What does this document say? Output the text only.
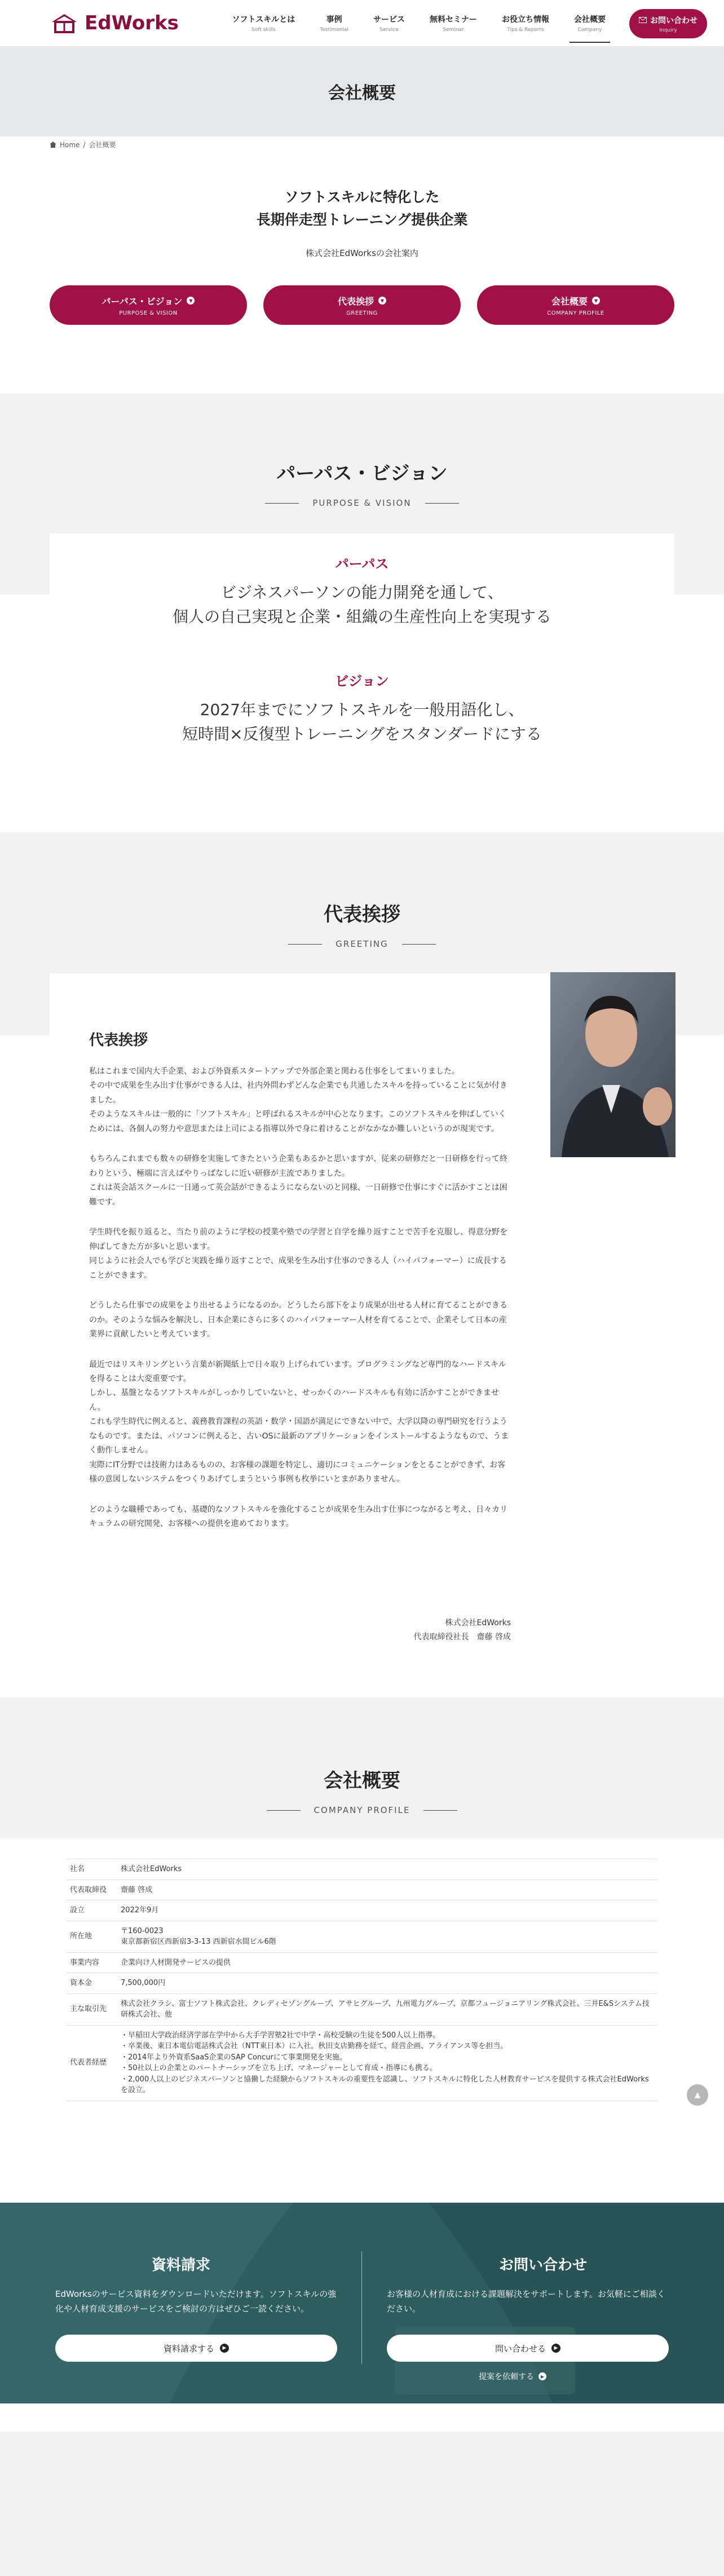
EdWorks	ソフトスキルとは
Soft skills
事例
Testimonial
サービス
Service
無料セミナー
Seminar
お役立ち情報
Tips & Reports
会社概要
Company
お問い合わせ
Inquiry
会社概要
Home / 会社概要
ソフトスキルに特化した
長期伴走型トレーニング提供企業
株式会社EdWorksの会社案内
パーパス・ビジョン	▼
PURPOSE & VISION
代表挨拶	▼
GREETING
会社概要	▼
COMPANY PROFILE
パーパス・ビジョン
PURPOSE & VISION
パーパス
ビジネスパーソンの能力開発を通して、
個人の自己実現と企業・組織の生産性向上を実現する
ビジョン
2027年までにソフトスキルを一般用語化し、
短時間×反復型トレーニングをスタンダードにする
代表挨拶
GREETING
代表挨拶

私はこれまで国内大手企業、および外資系スタートアップで外部企業と関わる仕事をしてまいりました。
その中で成果を生み出す仕事ができる人は、社内外問わずどんな企業でも共通したスキルを持っていることに気が付きました。
そのようなスキルは一般的に「ソフトスキル」と呼ばれるスキルが中心となります。このソフトスキルを伸ばしていくためには、各個人の努力や意思または上司による指導以外で身に着けることがなかなか難しいというのが現実です。

もちろんこれまでも数々の研修を実施してきたという企業もあるかと思いますが、従来の研修だと一日研修を行って終わりという、極端に言えばやりっぱなしに近い研修が主流でありました。
これは英会話スクールに一日通って英会話ができるようにならないのと同様、一日研修で仕事にすぐに活かすことは困難です。

学生時代を振り返ると、当たり前のように学校の授業や塾での学習と自学を繰り返すことで苦手を克服し、得意分野を伸ばしてきた方が多いと思います。
同じように社会人でも学びと実践を繰り返すことで、成果を生み出す仕事のできる人（ハイパフォーマー）に成長することができます。

どうしたら仕事での成果をより出せるようになるのか。どうしたら部下をより成果が出せる人材に育てることができるのか。そのような悩みを解決し、日本企業にさらに多くのハイパフォーマー人材を育てることで、企業そして日本の産業界に貢献したいと考えています。

最近ではリスキリングという言葉が新聞紙上で日々取り上げられています。プログラミングなど専門的なハードスキルを得ることは大変重要です。
しかし、基盤となるソフトスキルがしっかりしていないと、せっかくのハードスキルも有効に活かすことができません。
これも学生時代に例えると、義務教育課程の英語・数学・国語が満足にできない中で、大学以降の専門研究を行うようなものです。または、パソコンに例えると、古いOSに最新のアプリケーションをインストールするようなもので、うまく動作しません。
実際にIT分野では技術力はあるものの、お客様の課題を特定し、適切にコミュニケーションをとることができず、お客様の意図しないシステムをつくりあげてしまうという事例も枚挙にいとまがありません。

どのような職種であっても、基礎的なソフトスキルを強化することが成果を生み出す仕事につながると考え、日々カリキュラムの研究開発、お客様への提供を進めております。

株式会社EdWorks
代表取締役社長　齋藤 啓成
会社概要
COMPANY PROFILE
社名	株式会社EdWorks
代表取締役	齋藤 啓成
設立	2022年9月
所在地	〒160-0023
東京都新宿区西新宿3-3-13 西新宿水間ビル6階
事業内容	企業向け人材開発サービスの提供
資本金	7,500,000円
主な取引先	株式会社クラシ、富士ソフト株式会社、クレディセゾングループ、アサヒグループ、九州電力グループ、京都フュージョニアリング株式会社、三井E&Sシステム技研株式会社、他
代表者経歴	・早稲田大学政治経済学部在学中から大手学習塾2社で中学・高校受験の生徒を500人以上指導。
・卒業後、東日本電信電話株式会社（NTT東日本）に入社。秋田支店勤務を経て、経営企画、アライアンス等を担当。
・2014年より外資系SaaS企業のSAP Concurにて事業開発を実施。
・50社以上の企業とのパートナーシップを立ち上げ、マネージャーとして育成・指導にも携る。
・2,000人以上のビジネスパーソンと協働した経験からソフトスキルの重要性を認識し、ソフトスキルに特化した人材教育サービスを提供する株式会社EdWorksを設立。
▲
資料請求
EdWorksのサービス資料をダウンロードいただけます。ソフトスキルの強化や人材育成支援のサービスをご検討の方はぜひご一読ください。
資料請求する	▶
お問い合わせ
お客様の人材育成における課題解決をサポートします。お気軽にご相談ください。
問い合わせる	▶
提案を依頼する	▶
